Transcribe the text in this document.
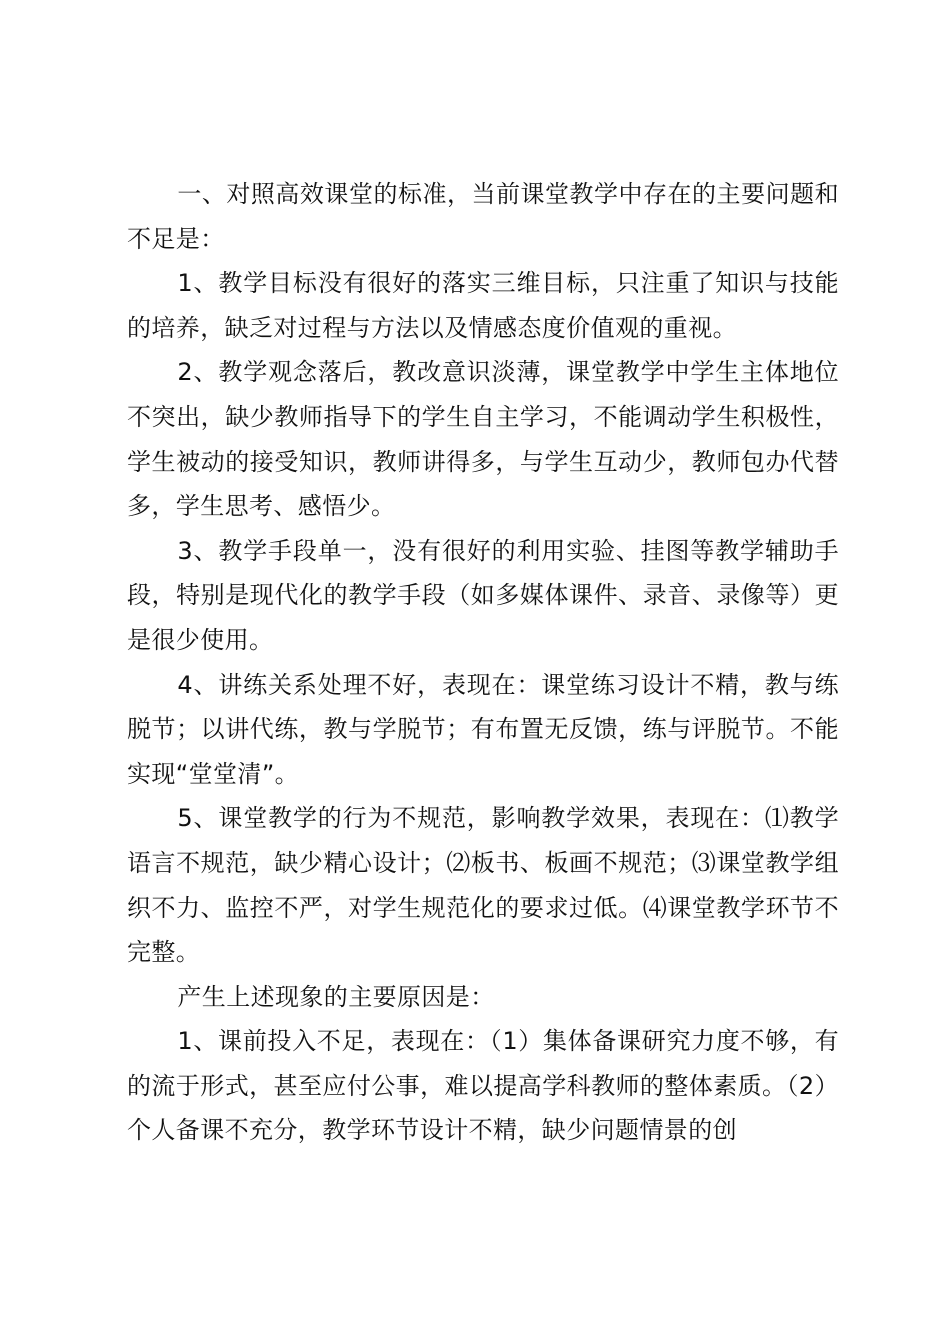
一、对照高效课堂的标准，当前课堂教学中存在的主要问题和不足是：

1、教学目标没有很好的落实三维目标，只注重了知识与技能的培养，缺乏对过程与方法以及情感态度价值观的重视。

2、教学观念落后，教改意识淡薄，课堂教学中学生主体地位不突出，缺少教师指导下的学生自主学习，不能调动学生积极性，学生被动的接受知识，教师讲得多，与学生互动少，教师包办代替多，学生思考、感悟少。

3、教学手段单一，没有很好的利用实验、挂图等教学辅助手段，特别是现代化的教学手段（如多媒体课件、录音、录像等）更是很少使用。

4、讲练关系处理不好，表现在：课堂练习设计不精，教与练脱节；以讲代练，教与学脱节；有布置无反馈，练与评脱节。不能实现“堂堂清”。

5、课堂教学的行为不规范，影响教学效果，表现在：⑴教学语言不规范，缺少精心设计；⑵板书、板画不规范；⑶课堂教学组织不力、监控不严，对学生规范化的要求过低。⑷课堂教学环节不完整。

产生上述现象的主要原因是：

1、课前投入不足，表现在：（1）集体备课研究力度不够，有的流于形式，甚至应付公事，难以提高学科教师的整体素质。（2）个人备课不充分，教学环节设计不精，缺少问题情景的创
